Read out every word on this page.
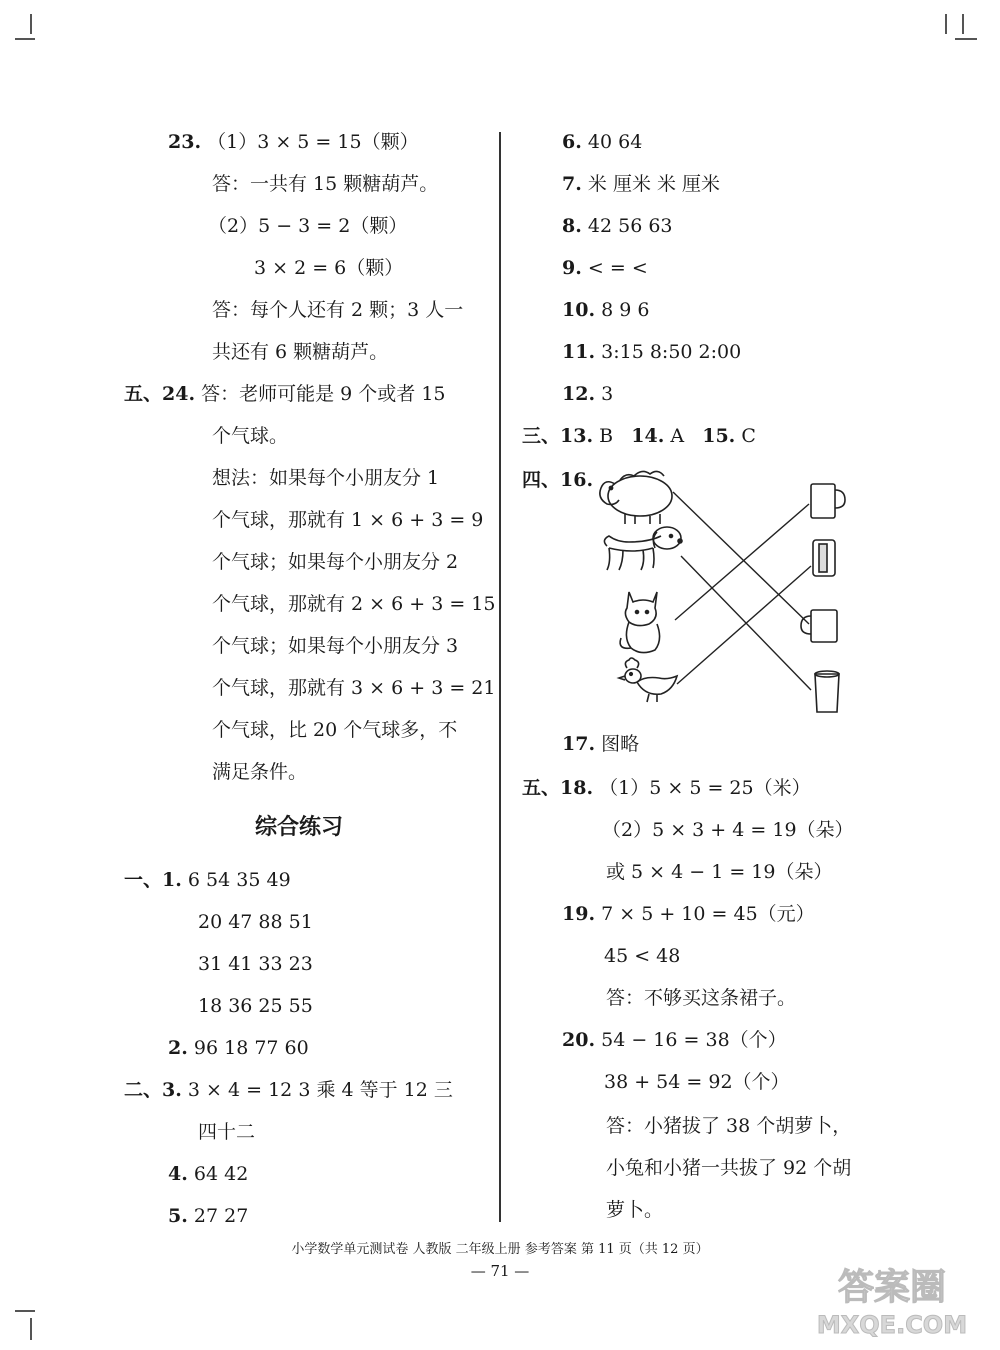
23. （1）3 × 5 = 15（颗）
答：一共有 15 颗糖葫芦。
（2）5 − 3 = 2（颗）
3 × 2 = 6（颗）
答：每个人还有 2 颗；3 人一
共还有 6 颗糖葫芦。
五、24. 答：老师可能是 9 个或者 15
个气球。
想法：如果每个小朋友分 1
个气球，那就有 1 × 6 + 3 = 9
个气球；如果每个小朋友分 2
个气球，那就有 2 × 6 + 3 = 15
个气球；如果每个小朋友分 3
个气球，那就有 3 × 6 + 3 = 21
个气球，比 20 个气球多，不
满足条件。
综合练习
一、1. 6 54 35 49
20 47 88 51
31 41 33 23
18 36 25 55
2. 96 18 77 60
二、3. 3 × 4 = 12 3 乘 4 等于 12 三
四十二
4. 64 42
5. 27 27
6. 40 64
7. 米 厘米 米 厘米
8. 42 56 63
9. < = <
10. 8 9 6
11. 3:15 8:50 2:00
12. 3
三、13. B 14. A 15. C
四、16.
17. 图略
五、18. （1）5 × 5 = 25（米）
（2）5 × 3 + 4 = 19（朵）
或 5 × 4 − 1 = 19（朵）
19. 7 × 5 + 10 = 45（元）
45 < 48
答：不够买这条裙子。
20. 54 − 16 = 38（个）
38 + 54 = 92（个）
答：小猪拔了 38 个胡萝卜，
小兔和小猪一共拔了 92 个胡
萝卜。
小学数学单元测试卷 人教版 二年级上册 参考答案 第 11 页（共 12 页）
— 71 —	答案圈
MXQE.COM
